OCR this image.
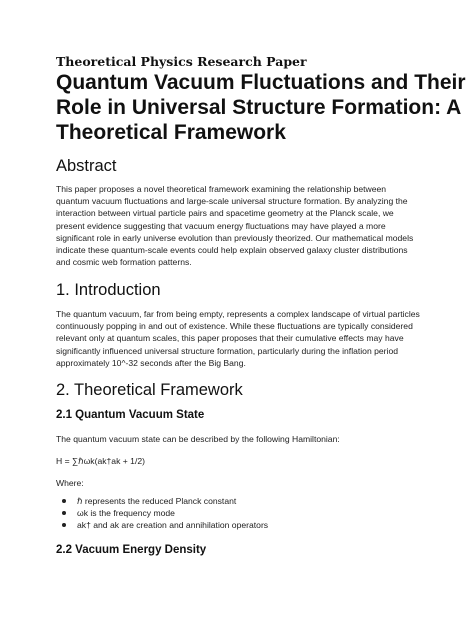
Theoretical Physics Research Paper
Quantum Vacuum Fluctuations and Their
Role in Universal Structure Formation: A
Theoretical Framework
Abstract

This paper proposes a novel theoretical framework examining the relationship between
quantum vacuum fluctuations and large-scale universal structure formation. By analyzing the
interaction between virtual particle pairs and spacetime geometry at the Planck scale, we
present evidence suggesting that vacuum energy fluctuations may have played a more
significant role in early universe evolution than previously theorized. Our mathematical models
indicate these quantum-scale events could help explain observed galaxy cluster distributions
and cosmic web formation patterns.

1. Introduction

The quantum vacuum, far from being empty, represents a complex landscape of virtual particles
continuously popping in and out of existence. While these fluctuations are typically considered
relevant only at quantum scales, this paper proposes that their cumulative effects may have
significantly influenced universal structure formation, particularly during the inflation period
approximately 10^-32 seconds after the Big Bang.

2. Theoretical Framework
2.1 Quantum Vacuum State

The quantum vacuum state can be described by the following Hamiltonian:

H = ∑ℏωk(ak†ak + 1/2)

Where:

ℏ represents the reduced Planck constant
ωk is the frequency mode
ak† and ak are creation and annihilation operators
2.2 Vacuum Energy Density
